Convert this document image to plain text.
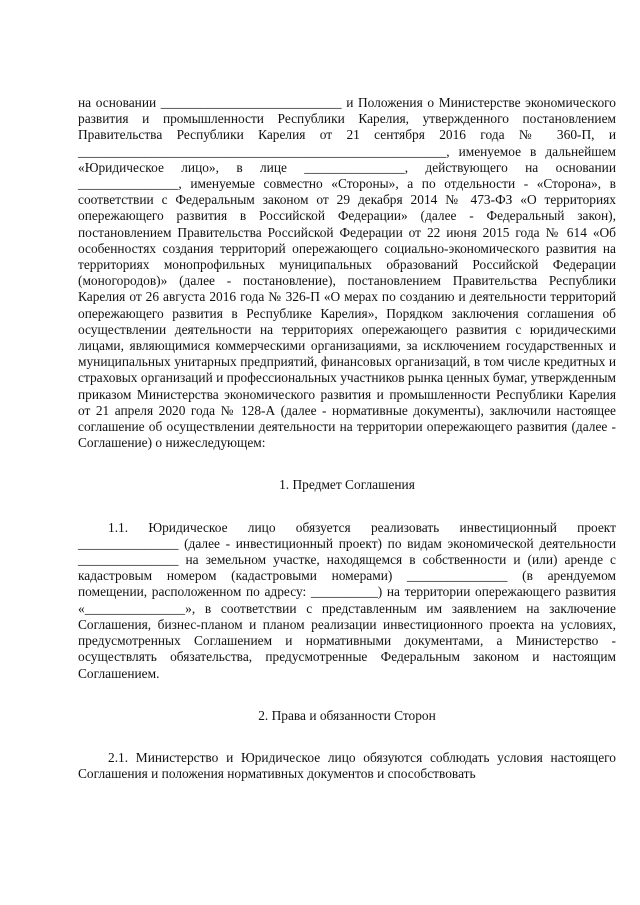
на основании ___________________________ и Положения о Министерстве экономического развития и промышленности Республики Карелия, утвержденного постановлением Правительства Республики Карелия от 21 сентября 2016 года № 360-П, и _______________________________________________________, именуемое в дальнейшем «Юридическое лицо», в лице _______________, действующего на основании _______________, именуемые совместно «Стороны», а по отдельности - «Сторона», в соответствии с Федеральным законом от 29 декабря 2014 № 473-ФЗ «О территориях опережающего развития в Российской Федерации» (далее - Федеральный закон), постановлением Правительства Российской Федерации от 22 июня 2015 года № 614 «Об особенностях создания территорий опережающего социально-экономического развития на территориях монопрофильных муниципальных образований Российской Федерации (моногородов)» (далее - постановление), постановлением Правительства Республики Карелия от 26 августа 2016 года № 326-П «О мерах по созданию и деятельности территорий опережающего развития в Республике Карелия», Порядком заключения соглашения об осуществлении деятельности на территориях опережающего развития с юридическими лицами, являющимися коммерческими организациями, за исключением государственных и муниципальных унитарных предприятий, финансовых организаций, в том числе кредитных и страховых организаций и профессиональных участников рынка ценных бумаг, утвержденным приказом Министерства экономического развития и промышленности Республики Карелия от 21 апреля 2020 года № 128-А (далее - нормативные документы), заключили настоящее соглашение об осуществлении деятельности на территории опережающего развития (далее - Соглашение) о нижеследующем:

1. Предмет Соглашения

1.1. Юридическое лицо обязуется реализовать инвестиционный проект _______________ (далее - инвестиционный проект) по видам экономической деятельности _______________ на земельном участке, находящемся в собственности и (или) аренде с кадастровым номером (кадастровыми номерами) _______________ (в арендуемом помещении, расположенном по адресу: __________) на территории опережающего развития «_______________», в соответствии с представленным им заявлением на заключение Соглашения, бизнес-планом и планом реализации инвестиционного проекта на условиях, предусмотренных Соглашением и нормативными документами, а Министерство - осуществлять обязательства, предусмотренные Федеральным законом и настоящим Соглашением.

2. Права и обязанности Сторон

2.1. Министерство и Юридическое лицо обязуются соблюдать условия настоящего Соглашения и положения нормативных документов и способствовать
